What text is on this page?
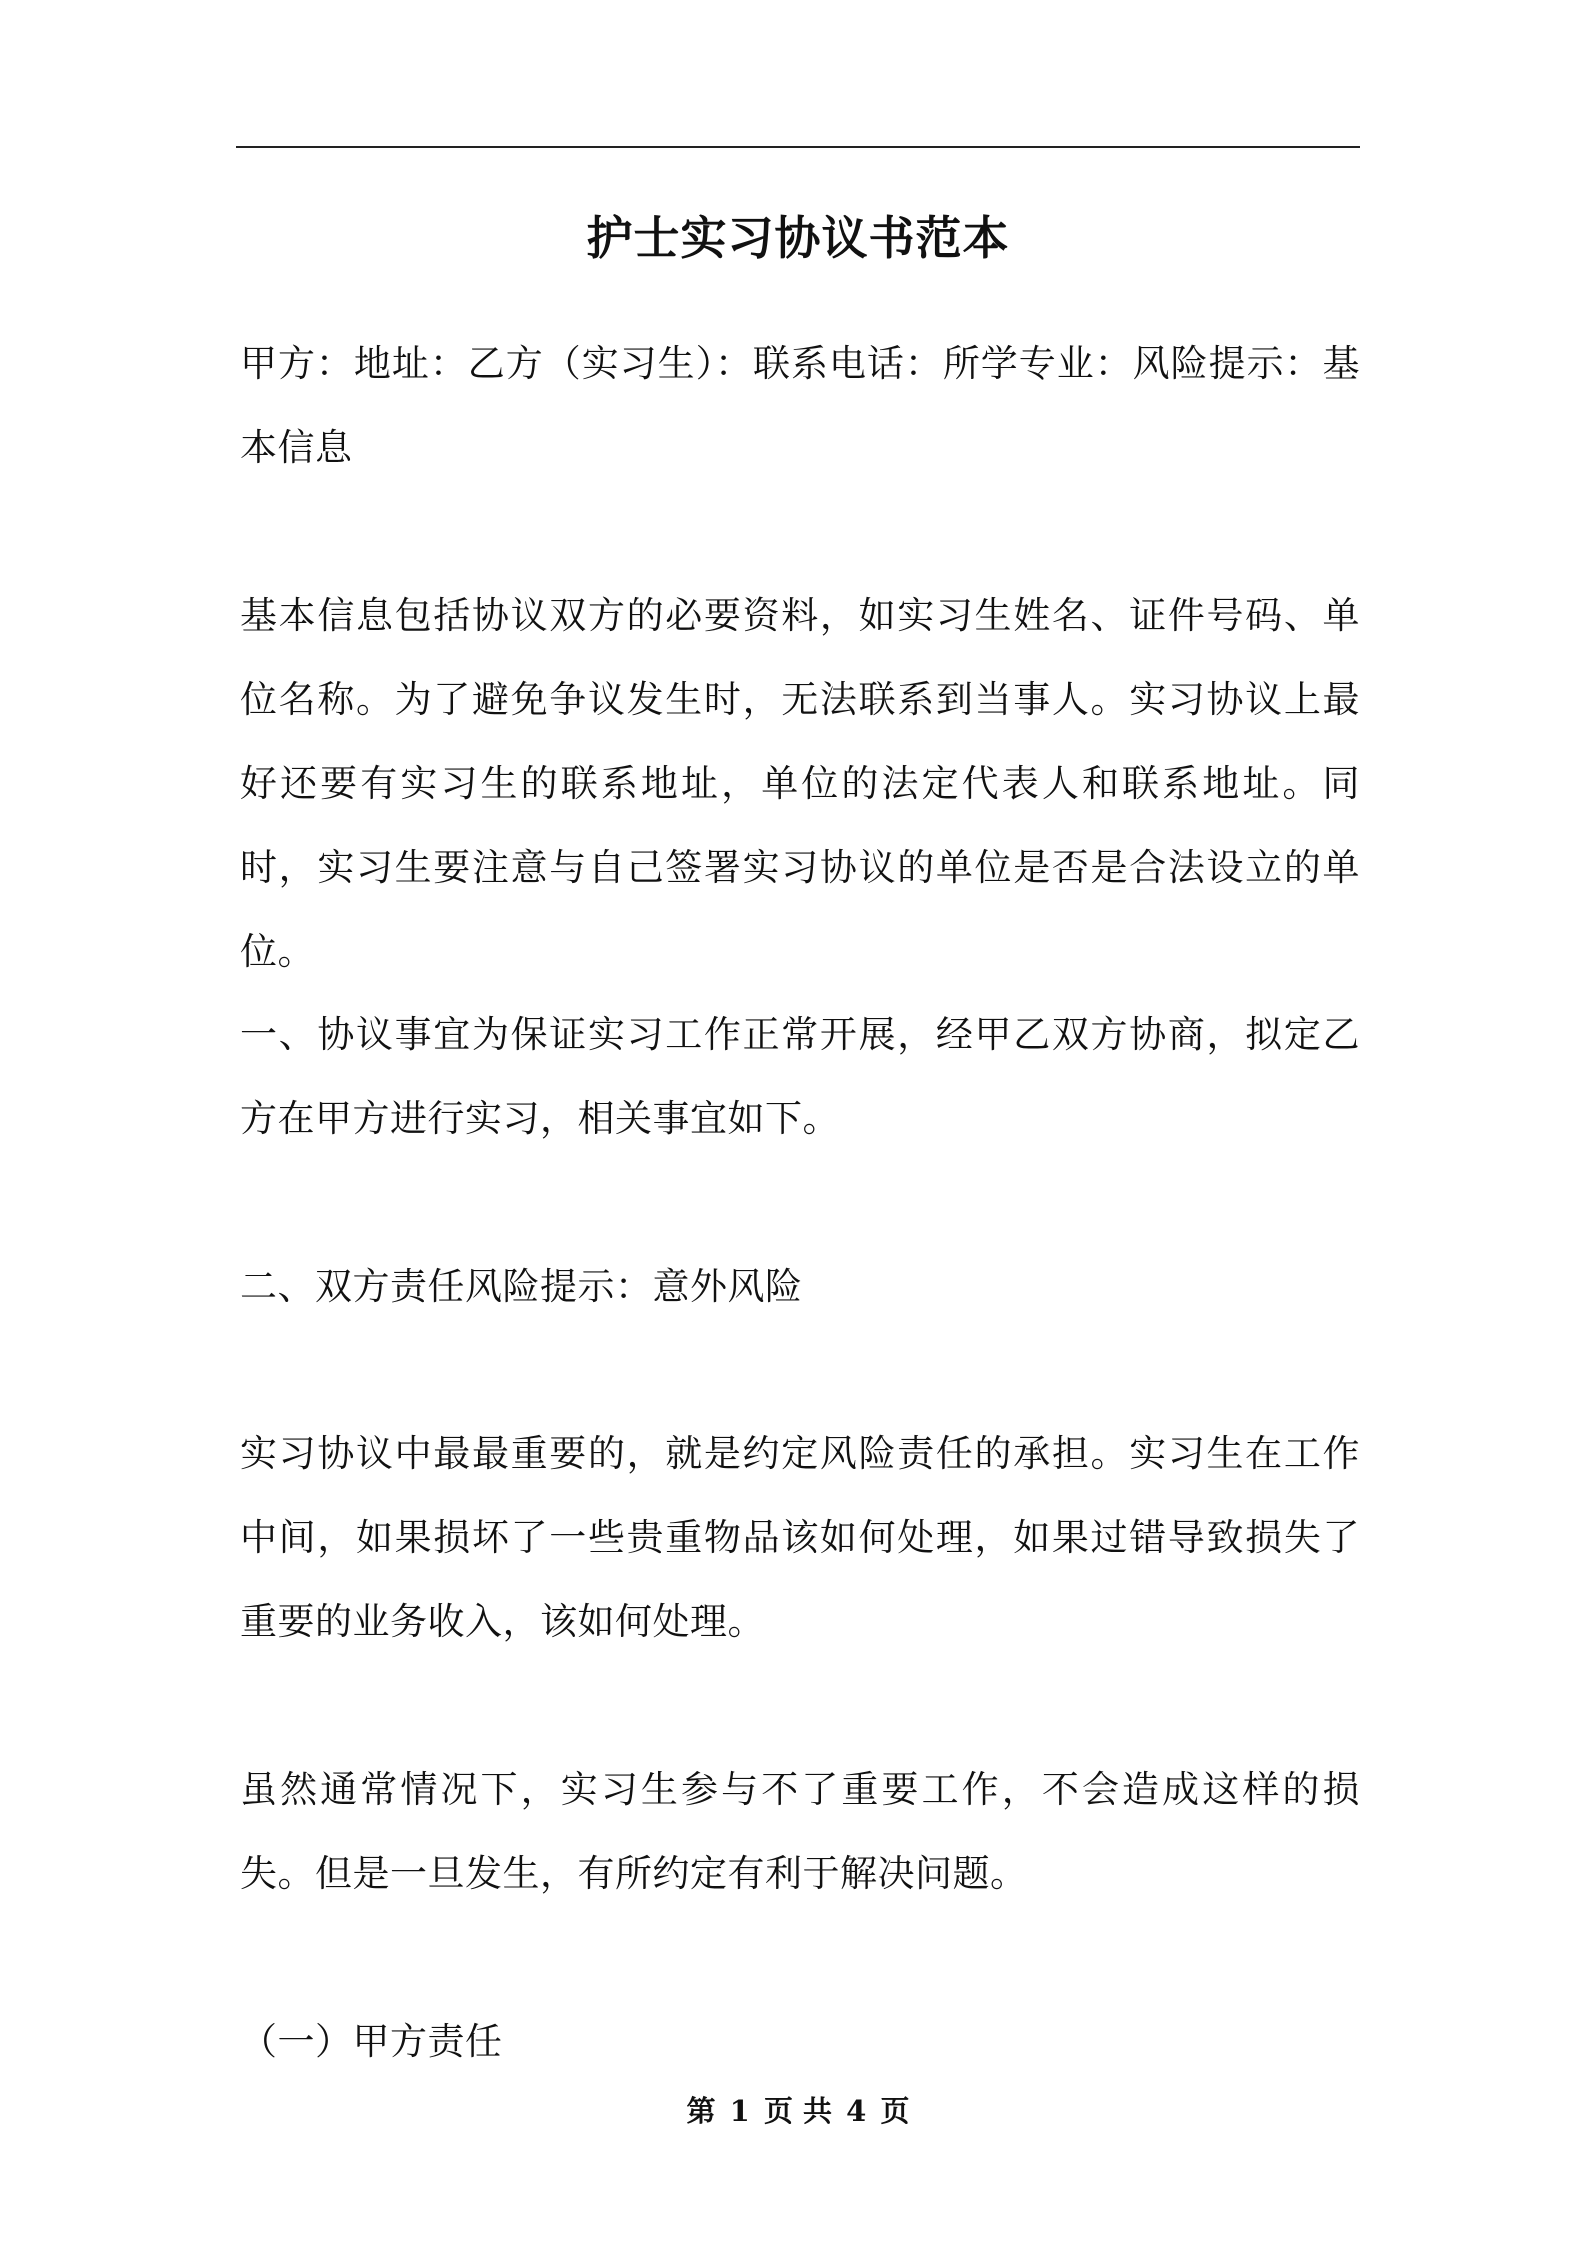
护士实习协议书范本

甲方：地址：乙方（实习生）：联系电话：所学专业：风险提示：基本信息

基本信息包括协议双方的必要资料，如实习生姓名、证件号码、单位名称。为了避免争议发生时，无法联系到当事人。实习协议上最好还要有实习生的联系地址，单位的法定代表人和联系地址。同时，实习生要注意与自己签署实习协议的单位是否是合法设立的单位。

一、协议事宜为保证实习工作正常开展，经甲乙双方协商，拟定乙方在甲方进行实习，相关事宜如下。

二、双方责任风险提示：意外风险

实习协议中最最重要的，就是约定风险责任的承担。实习生在工作中间，如果损坏了一些贵重物品该如何处理，如果过错导致损失了重要的业务收入，该如何处理。

虽然通常情况下，实习生参与不了重要工作，不会造成这样的损失。但是一旦发生，有所约定有利于解决问题。

（一）甲方责任

第 1 页 共 4 页
